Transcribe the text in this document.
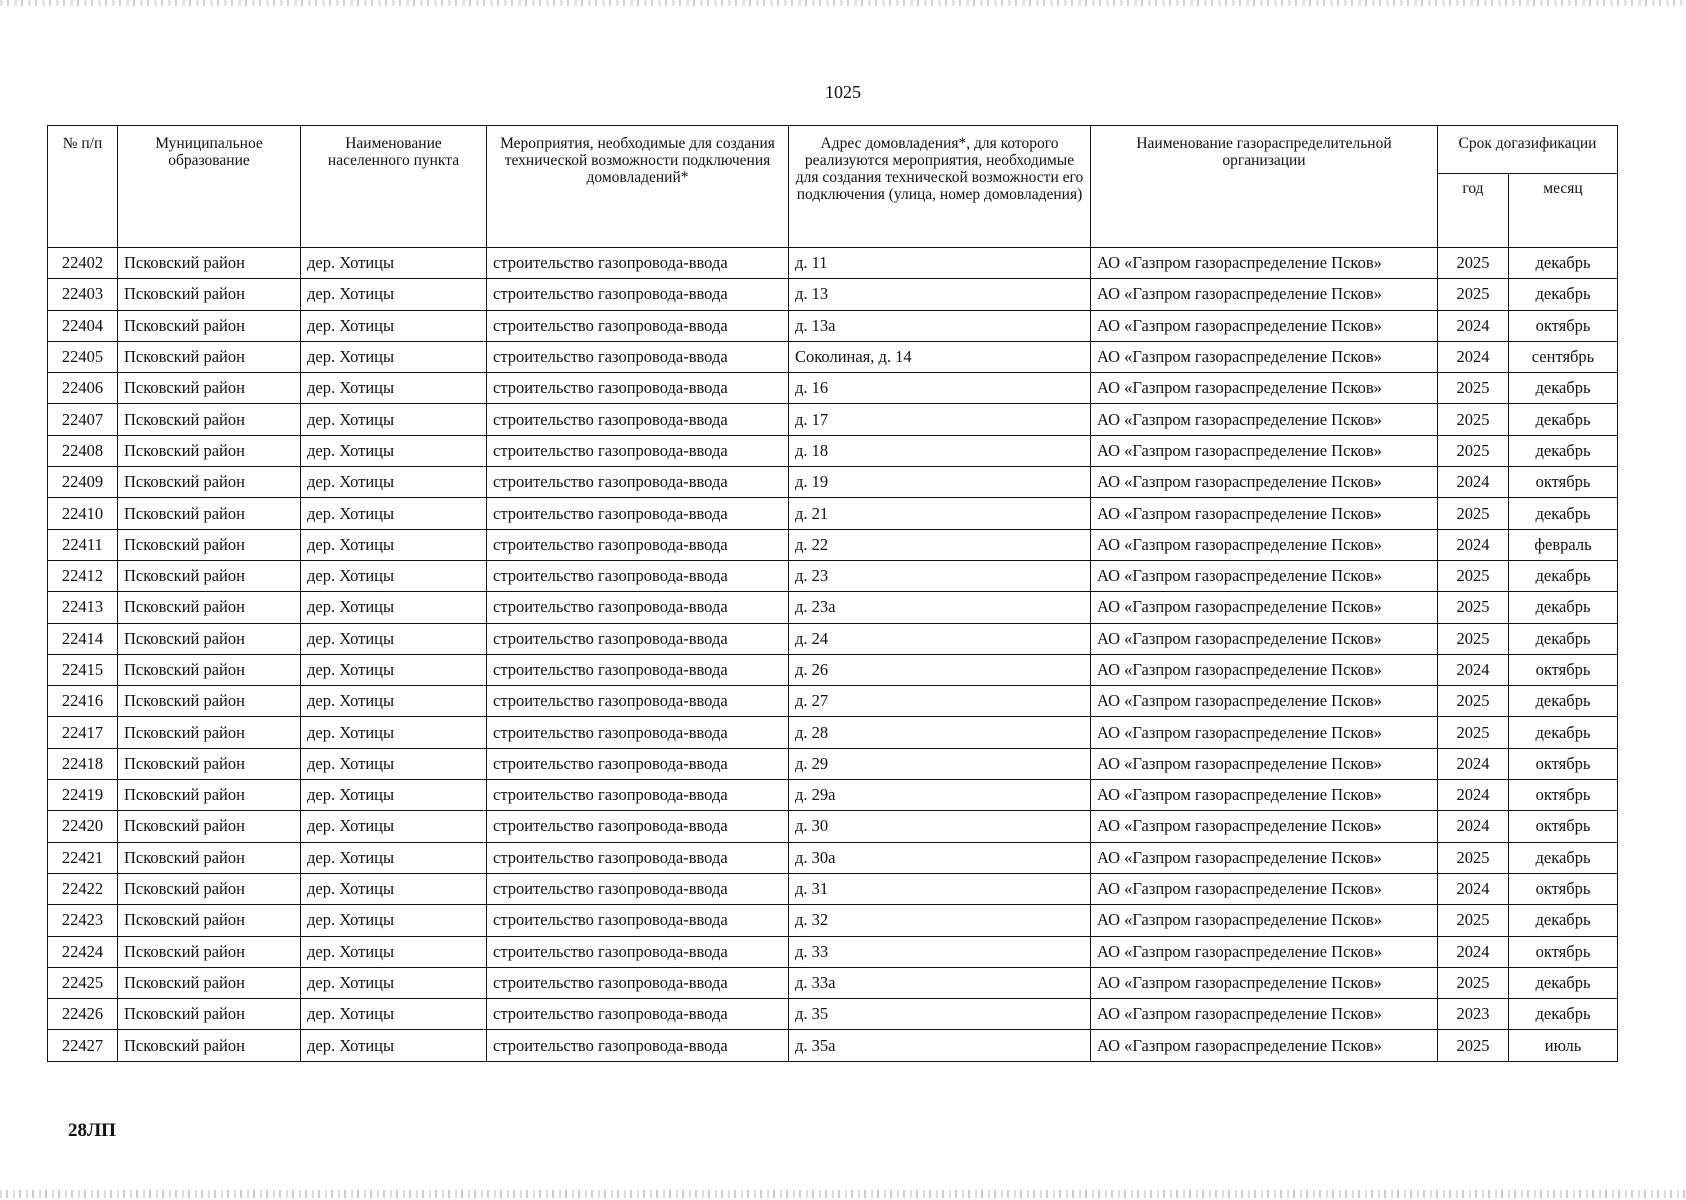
1025
№ п/п	Муниципальное образование	Наименование населенного пункта	Мероприятия, необходимые для создания технической возможности подключения домовладений*	Адрес домовладения*, для которого реализуются мероприятия, необходимые для создания технической возможности его подключения (улица, номер домовладения)	Наименование газораспределительной организации	Срок догазификации	
						год	месяц
22402	Псковский район	дер. Хотицы	строительство газопровода-ввода	д. 11	АО «Газпром газораспределение Псков»	2025	декабрь
22403	Псковский район	дер. Хотицы	строительство газопровода-ввода	д. 13	АО «Газпром газораспределение Псков»	2025	декабрь
22404	Псковский район	дер. Хотицы	строительство газопровода-ввода	д. 13а	АО «Газпром газораспределение Псков»	2024	октябрь
22405	Псковский район	дер. Хотицы	строительство газопровода-ввода	Соколиная, д. 14	АО «Газпром газораспределение Псков»	2024	сентябрь
22406	Псковский район	дер. Хотицы	строительство газопровода-ввода	д. 16	АО «Газпром газораспределение Псков»	2025	декабрь
22407	Псковский район	дер. Хотицы	строительство газопровода-ввода	д. 17	АО «Газпром газораспределение Псков»	2025	декабрь
22408	Псковский район	дер. Хотицы	строительство газопровода-ввода	д. 18	АО «Газпром газораспределение Псков»	2025	декабрь
22409	Псковский район	дер. Хотицы	строительство газопровода-ввода	д. 19	АО «Газпром газораспределение Псков»	2024	октябрь
22410	Псковский район	дер. Хотицы	строительство газопровода-ввода	д. 21	АО «Газпром газораспределение Псков»	2025	декабрь
22411	Псковский район	дер. Хотицы	строительство газопровода-ввода	д. 22	АО «Газпром газораспределение Псков»	2024	февраль
22412	Псковский район	дер. Хотицы	строительство газопровода-ввода	д. 23	АО «Газпром газораспределение Псков»	2025	декабрь
22413	Псковский район	дер. Хотицы	строительство газопровода-ввода	д. 23а	АО «Газпром газораспределение Псков»	2025	декабрь
22414	Псковский район	дер. Хотицы	строительство газопровода-ввода	д. 24	АО «Газпром газораспределение Псков»	2025	декабрь
22415	Псковский район	дер. Хотицы	строительство газопровода-ввода	д. 26	АО «Газпром газораспределение Псков»	2024	октябрь
22416	Псковский район	дер. Хотицы	строительство газопровода-ввода	д. 27	АО «Газпром газораспределение Псков»	2025	декабрь
22417	Псковский район	дер. Хотицы	строительство газопровода-ввода	д. 28	АО «Газпром газораспределение Псков»	2025	декабрь
22418	Псковский район	дер. Хотицы	строительство газопровода-ввода	д. 29	АО «Газпром газораспределение Псков»	2024	октябрь
22419	Псковский район	дер. Хотицы	строительство газопровода-ввода	д. 29а	АО «Газпром газораспределение Псков»	2024	октябрь
22420	Псковский район	дер. Хотицы	строительство газопровода-ввода	д. 30	АО «Газпром газораспределение Псков»	2024	октябрь
22421	Псковский район	дер. Хотицы	строительство газопровода-ввода	д. 30а	АО «Газпром газораспределение Псков»	2025	декабрь
22422	Псковский район	дер. Хотицы	строительство газопровода-ввода	д. 31	АО «Газпром газораспределение Псков»	2024	октябрь
22423	Псковский район	дер. Хотицы	строительство газопровода-ввода	д. 32	АО «Газпром газораспределение Псков»	2025	декабрь
22424	Псковский район	дер. Хотицы	строительство газопровода-ввода	д. 33	АО «Газпром газораспределение Псков»	2024	октябрь
22425	Псковский район	дер. Хотицы	строительство газопровода-ввода	д. 33а	АО «Газпром газораспределение Псков»	2025	декабрь
22426	Псковский район	дер. Хотицы	строительство газопровода-ввода	д. 35	АО «Газпром газораспределение Псков»	2023	декабрь
22427	Псковский район	дер. Хотицы	строительство газопровода-ввода	д. 35а	АО «Газпром газораспределение Псков»	2025	июль
28ЛП
